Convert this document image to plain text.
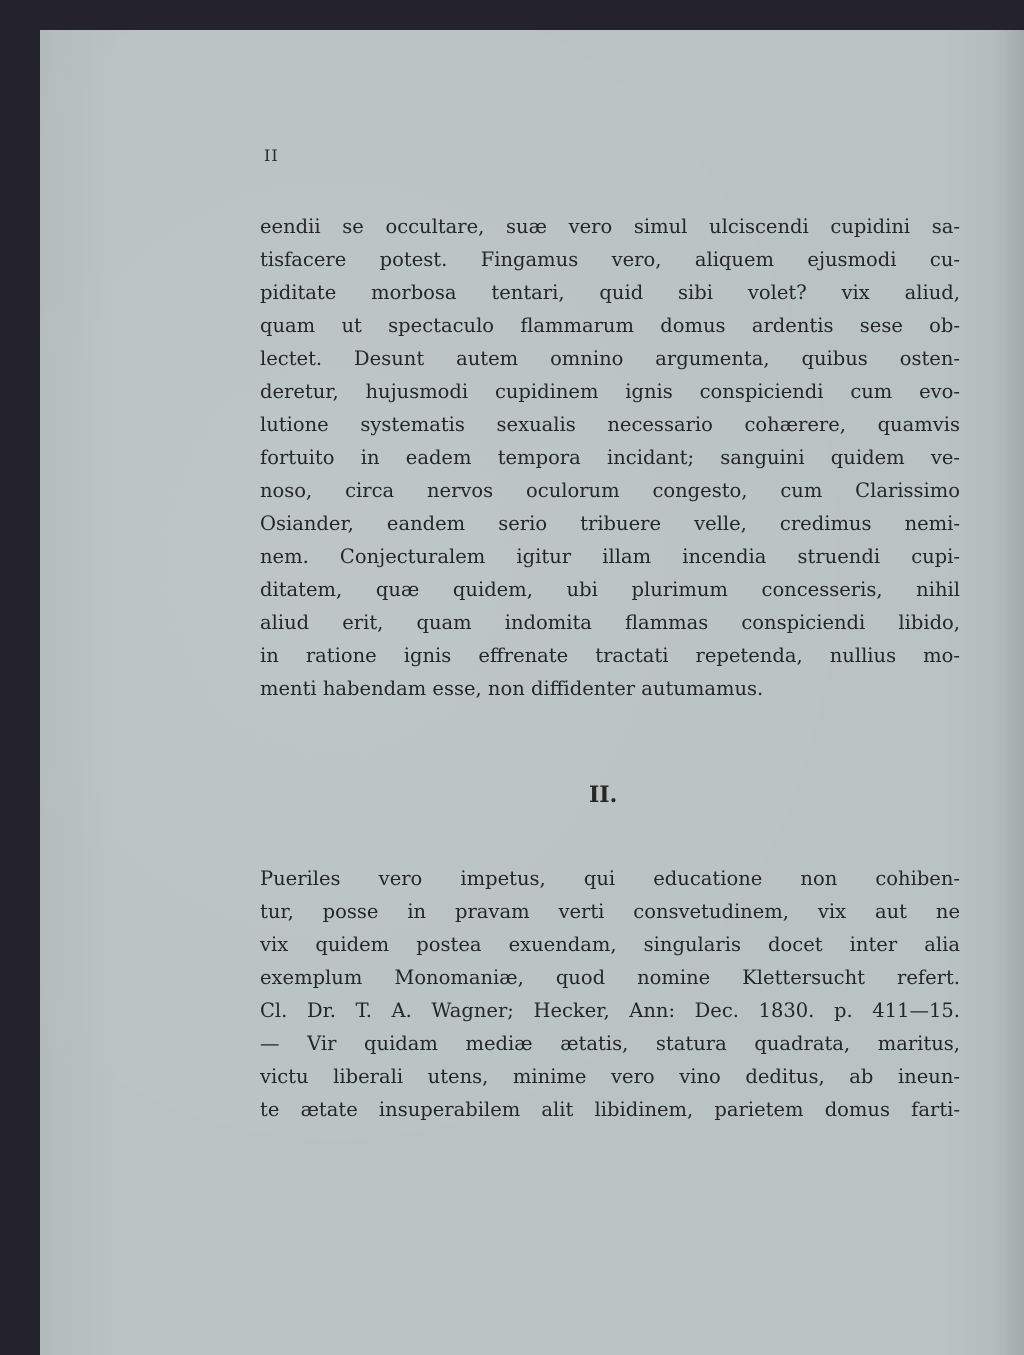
II
eendii se occultare, suæ vero simul ulciscendi cupidini sa-
tisfacere potest. Fingamus vero, aliquem ejusmodi cu-
piditate morbosa tentari, quid sibi volet? vix aliud,
quam ut spectaculo flammarum domus ardentis sese ob-
lectet. Desunt autem omnino argumenta, quibus osten-
deretur, hujusmodi cupidinem ignis conspiciendi cum evo-
lutione systematis sexualis necessario cohærere, quamvis
fortuito in eadem tempora incidant; sanguini quidem ve-
noso, circa nervos oculorum congesto, cum Clarissimo
Osiander, eandem serio tribuere velle, credimus nemi-
nem. Conjecturalem igitur illam incendia struendi cupi-
ditatem, quæ quidem, ubi plurimum concesseris, nihil
aliud erit, quam indomita flammas conspiciendi libido,
in ratione ignis effrenate tractati repetenda, nullius mo-
menti habendam esse, non diffidenter autumamus.
II.
Pueriles vero impetus, qui educatione non cohiben-
tur, posse in pravam verti consvetudinem, vix aut ne
vix quidem postea exuendam, singularis docet inter alia
exemplum Monomaniæ, quod nomine Klettersucht refert.
Cl. Dr. T. A. Wagner; Hecker, Ann: Dec. 1830. p. 411—15.
— Vir quidam mediæ ætatis, statura quadrata, maritus,
victu liberali utens, minime vero vino deditus, ab ineun-
te ætate insuperabilem alit libidinem, parietem domus farti-
